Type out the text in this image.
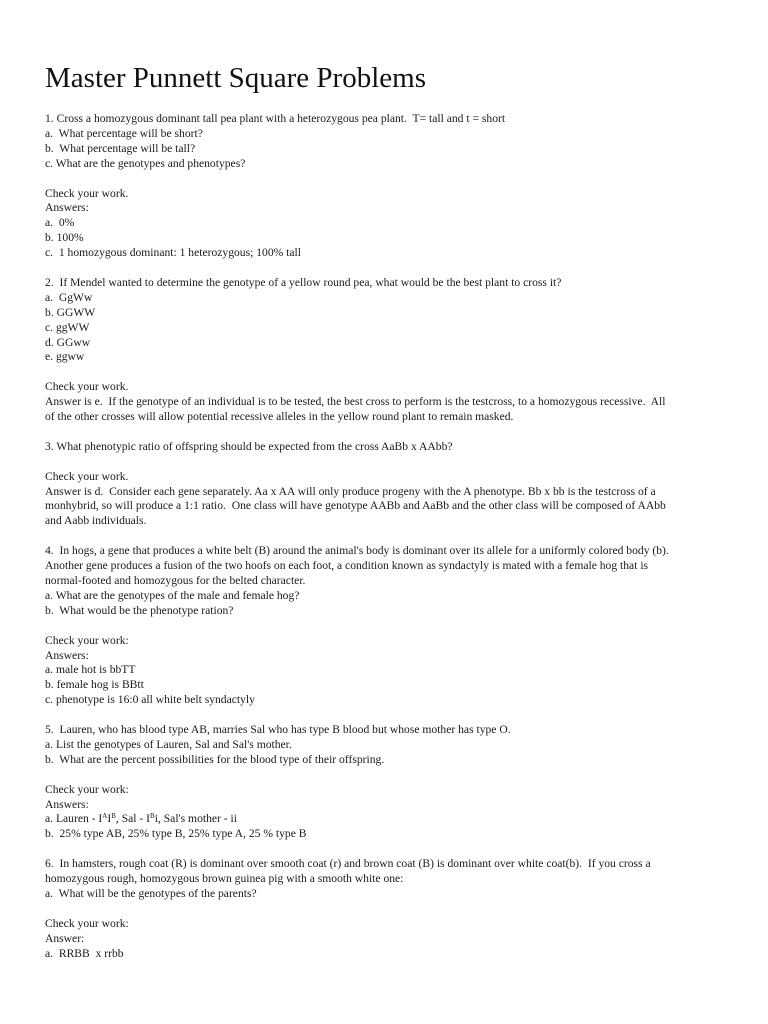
Master Punnett Square Problems

1. Cross a homozygous dominant tall pea plant with a heterozygous pea plant.  T= tall and t = short

a.  What percentage will be short?

b.  What percentage will be tall?

c. What are the genotypes and phenotypes?

Check your work.

Answers:

a.  0%

b. 100%

c.  1 homozygous dominant: 1 heterozygous; 100% tall

2.  If Mendel wanted to determine the genotype of a yellow round pea, what would be the best plant to cross it?

a.  GgWw

b. GGWW

c. ggWW

d. GGww

e. ggww

Check your work.

Answer is e.  If the genotype of an individual is to be tested, the best cross to perform is the testcross, to a homozygous recessive.  All

of the other crosses will allow potential recessive alleles in the yellow round plant to remain masked.

3. What phenotypic ratio of offspring should be expected from the cross AaBb x AAbb?

Check your work.

Answer is d.  Consider each gene separately. Aa x AA will only produce progeny with the A phenotype. Bb x bb is the testcross of a

monhybrid, so will produce a 1:1 ratio.  One class will have genotype AABb and AaBb and the other class will be composed of AAbb

and Aabb individuals.

4.  In hogs, a gene that produces a white belt (B) around the animal's body is dominant over its allele for a uniformly colored body (b).

Another gene produces a fusion of the two hoofs on each foot, a condition known as syndactyly is mated with a female hog that is

normal-footed and homozygous for the belted character.

a. What are the genotypes of the male and female hog?

b.  What would be the phenotype ration?

Check your work:

Answers:

a. male hot is bbTT

b. female hog is BBtt

c. phenotype is 16:0 all white belt syndactyly

5.  Lauren, who has blood type AB, marries Sal who has type B blood but whose mother has type O.

a. List the genotypes of Lauren, Sal and Sal's mother.

b.  What are the percent possibilities for the blood type of their offspring.

Check your work:

Answers:

a. Lauren - $I^AI^B$, Sal - $I^Bi$, Sal's mother - ii

b.  25% type AB, 25% type B, 25% type A, 25 % type B

6.  In hamsters, rough coat (R) is dominant over smooth coat (r) and brown coat (B) is dominant over white coat(b).  If you cross a

homozygous rough, homozygous brown guinea pig with a smooth white one:

a.  What will be the genotypes of the parents?

Check your work:

Answer:

a.  RRBB  x rrbb
